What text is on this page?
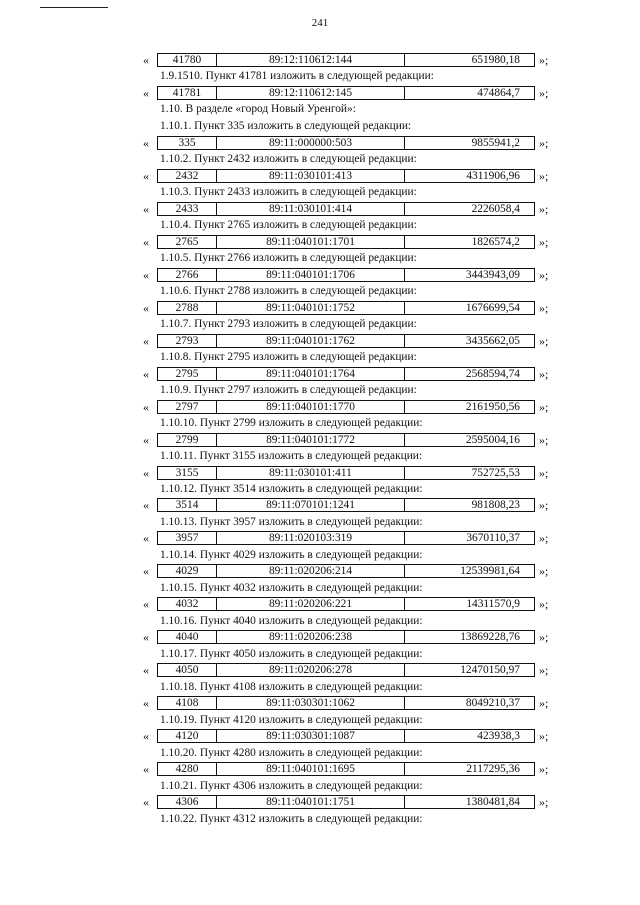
241
«	41780	89:12:110612:144	651980,18	»;
1.9.1510. Пункт 41781 изложить в следующей редакции:
«	41781	89:12:110612:145	474864,7	»;
1.10. В разделе «город Новый Уренгой»:
1.10.1. Пункт 335 изложить в следующей редакции:
«	335	89:11:000000:503	9855941,2	»;
1.10.2. Пункт 2432 изложить в следующей редакции:
«	2432	89:11:030101:413	4311906,96	»;
1.10.3. Пункт 2433 изложить в следующей редакции:
«	2433	89:11:030101:414	2226058,4	»;
1.10.4. Пункт 2765 изложить в следующей редакции:
«	2765	89:11:040101:1701	1826574,2	»;
1.10.5. Пункт 2766 изложить в следующей редакции:
«	2766	89:11:040101:1706	3443943,09	»;
1.10.6. Пункт 2788 изложить в следующей редакции:
«	2788	89:11:040101:1752	1676699,54	»;
1.10.7. Пункт 2793 изложить в следующей редакции:
«	2793	89:11:040101:1762	3435662,05	»;
1.10.8. Пункт 2795 изложить в следующей редакции:
«	2795	89:11:040101:1764	2568594,74	»;
1.10.9. Пункт 2797 изложить в следующей редакции:
«	2797	89:11:040101:1770	2161950,56	»;
1.10.10. Пункт 2799 изложить в следующей редакции:
«	2799	89:11:040101:1772	2595004,16	»;
1.10.11. Пункт 3155 изложить в следующей редакции:
«	3155	89:11:030101:411	752725,53	»;
1.10.12. Пункт 3514 изложить в следующей редакции:
«	3514	89:11:070101:1241	981808,23	»;
1.10.13. Пункт 3957 изложить в следующей редакции:
«	3957	89:11:020103:319	3670110,37	»;
1.10.14. Пункт 4029 изложить в следующей редакции:
«	4029	89:11:020206:214	12539981,64	»;
1.10.15. Пункт 4032 изложить в следующей редакции:
«	4032	89:11:020206:221	14311570,9	»;
1.10.16. Пункт 4040 изложить в следующей редакции:
«	4040	89:11:020206:238	13869228,76	»;
1.10.17. Пункт 4050 изложить в следующей редакции:
«	4050	89:11:020206:278	12470150,97	»;
1.10.18. Пункт 4108 изложить в следующей редакции:
«	4108	89:11:030301:1062	8049210,37	»;
1.10.19. Пункт 4120 изложить в следующей редакции:
«	4120	89:11:030301:1087	423938,3	»;
1.10.20. Пункт 4280 изложить в следующей редакции:
«	4280	89:11:040101:1695	2117295,36	»;
1.10.21. Пункт 4306 изложить в следующей редакции:
«	4306	89:11:040101:1751	1380481,84	»;
1.10.22. Пункт 4312 изложить в следующей редакции:
